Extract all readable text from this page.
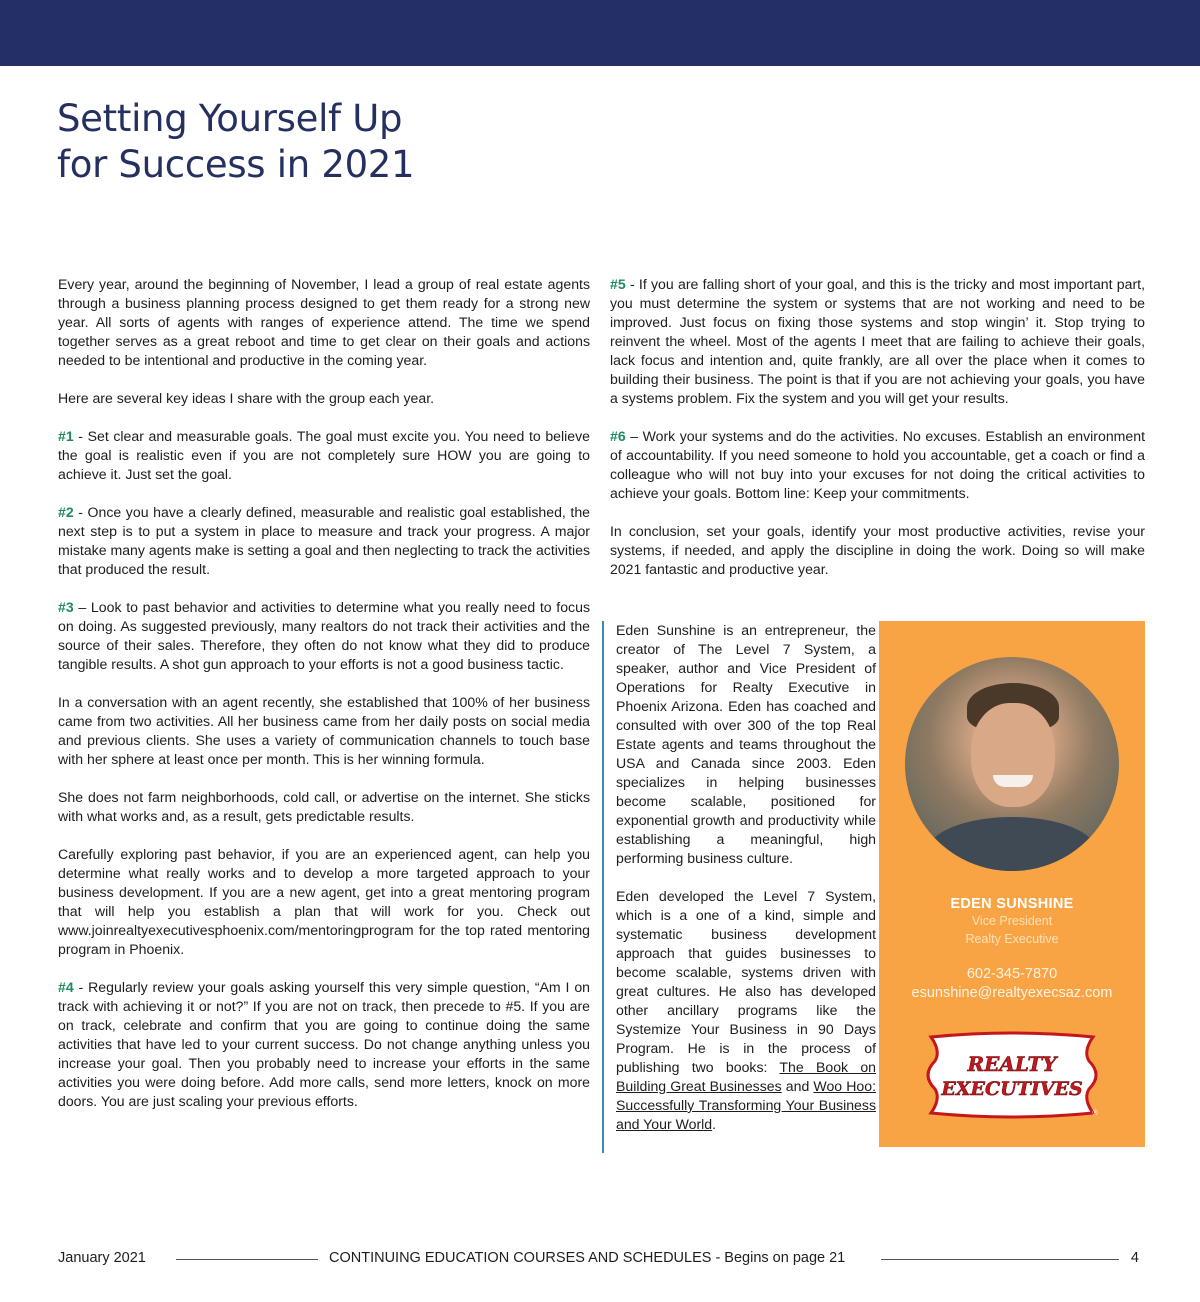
Setting Yourself Up
for Success in 2021

Every year, around the beginning of November, I lead a group of real estate agents through a business planning process designed to get them ready for a strong new year. All sorts of agents with ranges of experience attend. The time we spend together serves as a great reboot and time to get clear on their goals and actions needed to be intentional and productive in the coming year.

Here are several key ideas I share with the group each year.

#1 - Set clear and measurable goals. The goal must excite you. You need to believe the goal is realistic even if you are not completely sure HOW you are going to achieve it. Just set the goal.

#2 - Once you have a clearly defined, measurable and realistic goal established, the next step is to put a system in place to measure and track your progress. A major mistake many agents make is setting a goal and then neglecting to track the activities that produced the result.

#3 – Look to past behavior and activities to determine what you really need to focus on doing. As suggested previously, many realtors do not track their activities and the source of their sales. Therefore, they often do not know what they did to produce tangible results. A shot gun approach to your efforts is not a good business tactic.

In a conversation with an agent recently, she established that 100% of her business came from two activities. All her business came from her daily posts on social media and previous clients. She uses a variety of communication channels to touch base with her sphere at least once per month. This is her winning formula.

She does not farm neighborhoods, cold call, or advertise on the internet. She sticks with what works and, as a result, gets predictable results.

Carefully exploring past behavior, if you are an experienced agent, can help you determine what really works and to develop a more targeted approach to your business development. If you are a new agent, get into a great mentoring program that will help you establish a plan that will work for you. Check out www.joinrealtyexecutivesphoenix.com/mentoringprogram for the top rated mentoring program in Phoenix.

#4 - Regularly review your goals asking yourself this very simple question, “Am I on track with achieving it or not?” If you are not on track, then precede to #5. If you are on track, celebrate and confirm that you are going to continue doing the same activities that have led to your current success. Do not change anything unless you increase your goal. Then you probably need to increase your efforts in the same activities you were doing before. Add more calls, send more letters, knock on more doors. You are just scaling your previous efforts.

#5 - If you are falling short of your goal, and this is the tricky and most important part, you must determine the system or systems that are not working and need to be improved. Just focus on fixing those systems and stop wingin’ it. Stop trying to reinvent the wheel. Most of the agents I meet that are failing to achieve their goals, lack focus and intention and, quite frankly, are all over the place when it comes to building their business. The point is that if you are not achieving your goals, you have a systems problem. Fix the system and you will get your results.

#6 – Work your systems and do the activities. No excuses. Establish an environment of accountability. If you need someone to hold you accountable, get a coach or find a colleague who will not buy into your excuses for not doing the critical activities to achieve your goals. Bottom line: Keep your commitments.

In conclusion, set your goals, identify your most productive activities, revise your systems, if needed, and apply the discipline in doing the work. Doing so will make 2021 fantastic and productive year.

Eden Sunshine is an entrepreneur, the creator of The Level 7 System, a speaker, author and Vice President of Operations for Realty Executive in Phoenix Arizona. Eden has coached and consulted with over 300 of the top Real Estate agents and teams throughout the USA and Canada since 2003. Eden specializes in helping businesses become scalable, positioned for exponential growth and productivity while establishing a meaningful, high performing business culture.

Eden developed the Level 7 System, which is a one of a kind, simple and systematic business development approach that guides businesses to become scalable, systems driven with great cultures. He also has developed other ancillary programs like the Systemize Your Business in 90 Days Program. He is in the process of publishing two books: The Book on Building Great Businesses and Woo Hoo: Successfully Transforming Your Business and Your World.

EDEN SUNSHINE
Vice President
Realty Executive
602-345-7870
esunshine@realtyexecsaz.com
REALTY
EXECUTIVES
®
January 2021	CONTINUING EDUCATION COURSES AND SCHEDULES - Begins on page 21	4
